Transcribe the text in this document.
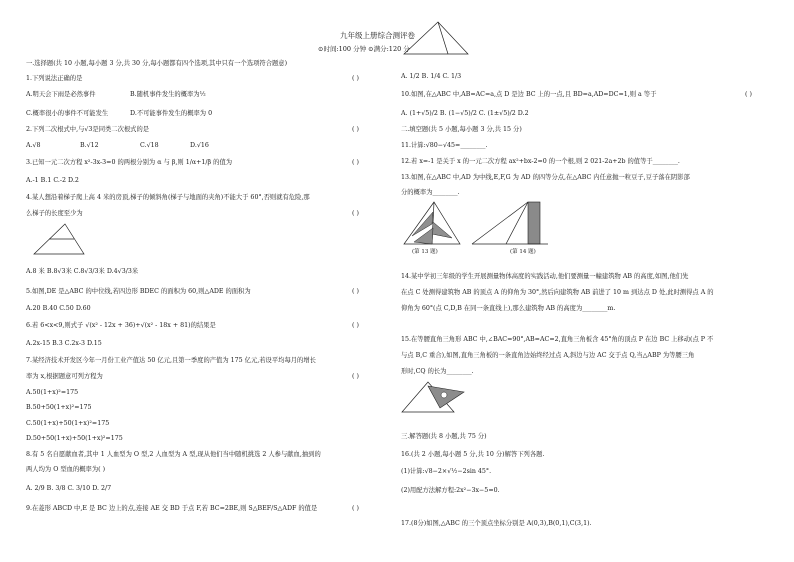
九年级上册综合测评卷
⊙时间:100 分钟 ⊙满分:120 分
一.选择题(共 10 小题,每小题 3 分,共 30 分,每小题都有四个选项,其中只有一个选项符合题意)
1.下列说法正确的是	( )
A.明天会下雨是必然事件	B.随机事件发生的概率为½
C.概率很小的事件不可能发生	D.不可能事件发生的概率为 0
2.下列二次根式中,与√3是同类二次根式的是	( )
A.√8	B.√12	C.√18	D.√16
3.已知一元二次方程 x²-3x-3=0 的两根分别为 α 与 β,则 1/α+1/β 的值为	( )
A.-1 B.1 C.-2 D.2
4.某人想沿着梯子爬上高 4 米的房顶,梯子的倾斜角(梯子与地面的夹角)不能大于 60°,否则就有危险,那
么梯子的长度至少为	( )
A.8 米 B.8√3米 C.8√3/3米 D.4√3/3米
5.如图,DE 是△ABC 的中位线,若四边形 BDEC 的面积为 60,则△ADE 的面积为	( )
A.20 B.40 C.50 D.60
6.若 6<x<9,则式子 √(x² - 12x + 36)+√(x² - 18x + 81)的结果是	( )
A.2x-15 B.3 C.2x-3 D.15
7.某经济技术开发区今年一月份工业产值达 50 亿元,且第一季度的产值为 175 亿元,若设平均每月的增长
率为 x,根据题意可列方程为	( )
A.50(1+x)²=175
B.50+50(1+x)²=175
C.50(1+x)+50(1+x)²=175
D.50+50(1+x)+50(1+x)²=175
8.有 5 名自愿献血者,其中 1 人血型为 O 型,2 人血型为 A 型,现从他们当中随机挑选 2 人参与献血,抽到的
两人均为 O 型血的概率为( )
A. 2/9 B. 3/8 C. 3/10 D. 2/7
9.在菱形 ABCD 中,E 是 BC 边上的点,连接 AE 交 BD 于点 F,若 BC=2BE,则 S△BEF/S△ADF 的值是	( )
A. 1/2 B. 1/4 C. 1/3
10.如图,在△ABC 中,AB=AC=a,点 D 是边 BC 上的一点,且 BD=a,AD=DC=1,则 a 等于	( )
A. (1+√5)/2 B. (1−√5)/2 C. (1±√5)/2 D.2
二.填空题(共 5 小题,每小题 3 分,共 15 分)
11.计算:√80−√45=________.
12.若 x=-1 是关于 x 的一元二次方程 ax²+bx-2=0 的一个根,则 2 021-2a+2b 的值等于________.
13.如图,在△ABC 中,AD 为中线,E,F,G 为 AD 的四等分点,在△ABC 内任意抛一粒豆子,豆子落在阴影部
分的概率为________.
(第 13 题)	(第 14 题)
14.某中学初三年级的学生开展测量物体高度的实践活动,他们要测量一幢建筑物 AB 的高度,如图,他们先
在点 C 处测得建筑物 AB 的顶点 A 的仰角为 30°,然后向建筑物 AB 前进了 10 m 到达点 D 处,此时测得点 A 的
仰角为 60°(点 C,D,B 在同一条直线上),那么建筑物 AB 的高度为________m.
15.在等腰直角三角形 ABC 中,∠BAC=90°,AB=AC=2,直角三角板含 45°角的顶点 P 在边 BC 上移动(点 P 不
与点 B,C 重合),如图,直角三角板的一条直角边始终经过点 A,斜边与边 AC 交于点 Q,当△ABP 为等腰三角
形时,CQ 的长为________.
三.解答题(共 8 小题,共 75 分)
16.(共 2 小题,每小题 5 分,共 10 分)解答下列各题.
(1)计算:√8−2×√½−2sin 45°.
(2)用配方法解方程:2x²−3x−5=0.
17.(8分)如图,△ABC 的三个顶点坐标分别是 A(0,3),B(0,1),C(3,1).
